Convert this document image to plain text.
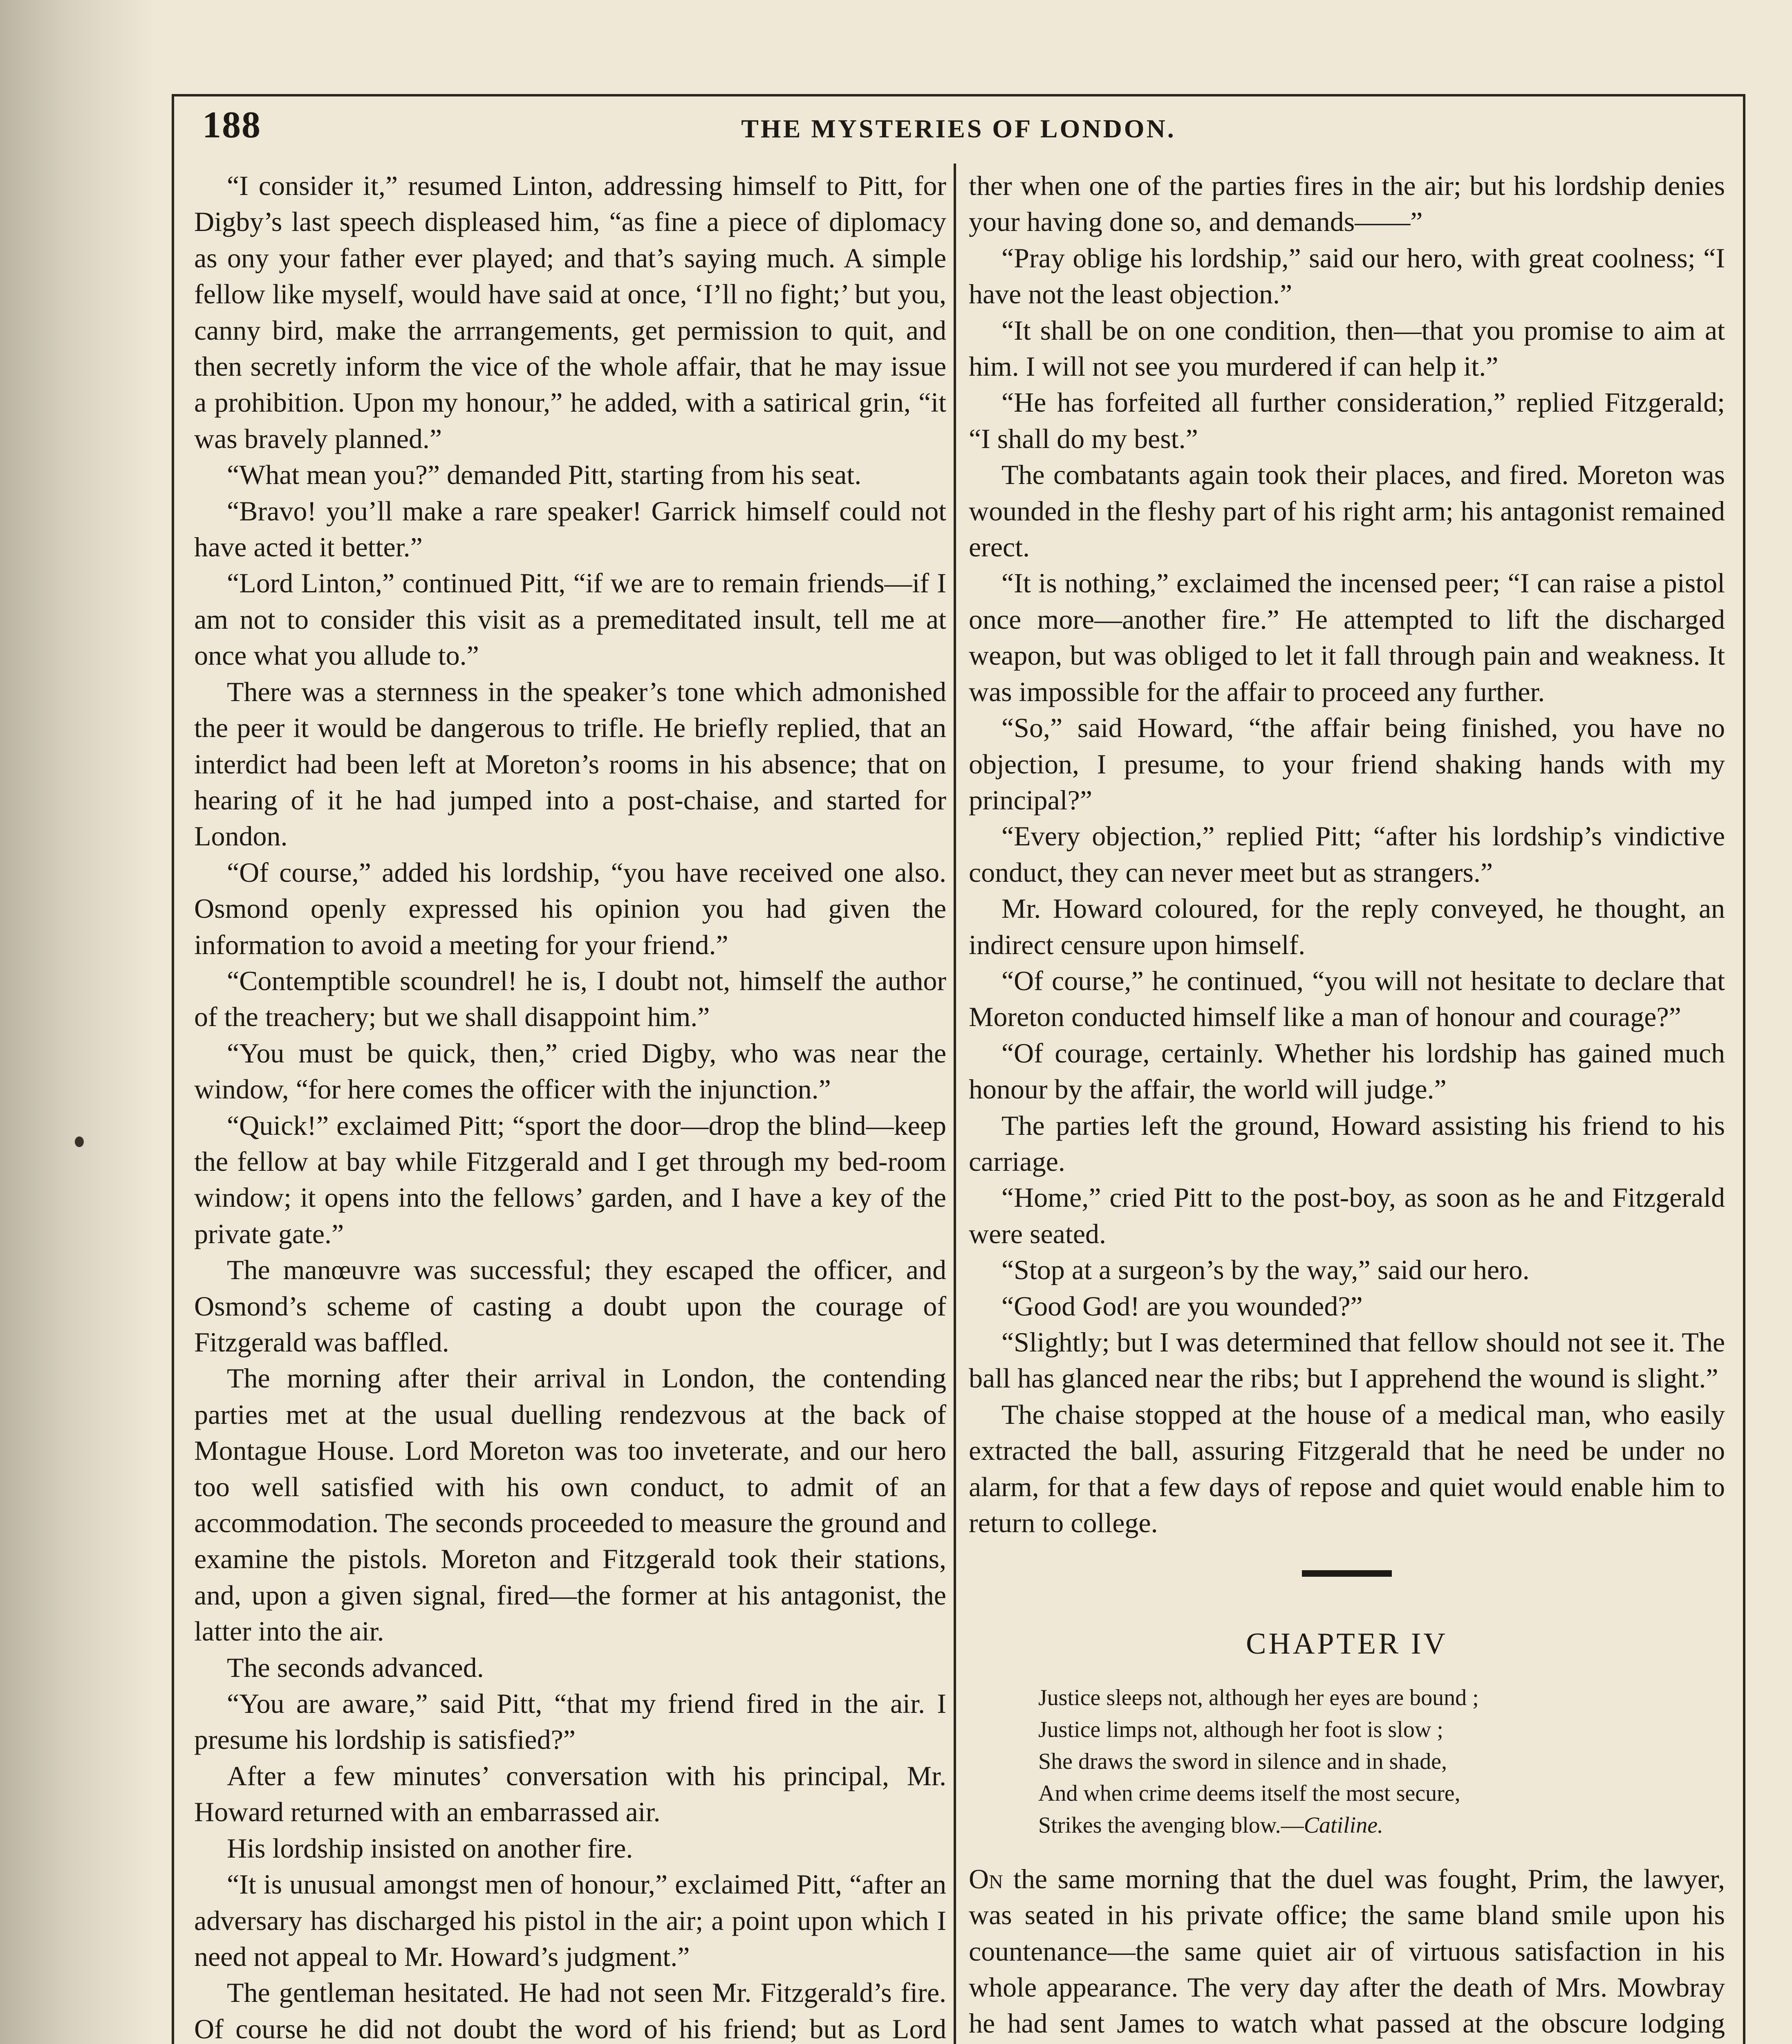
188	THE MYSTERIES OF LONDON.

“I consider it,” resumed Linton, addressing himself to Pitt, for Digby’s last speech displeased him, “as fine a piece of diplomacy as ony your father ever played; and that’s saying much. A simple fellow like myself, would have said at once, ‘I’ll no fight;’ but you, canny bird, make the arrrangements, get permission to quit, and then secretly inform the vice of the whole affair, that he may issue a prohibition. Upon my honour,” he added, with a satirical grin, “it was bravely planned.”

“What mean you?” demanded Pitt, starting from his seat.

“Bravo! you’ll make a rare speaker! Garrick himself could not have acted it better.”

“Lord Linton,” continued Pitt, “if we are to remain friends—if I am not to consider this visit as a premeditated insult, tell me at once what you allude to.”

There was a sternness in the speaker’s tone which admonished the peer it would be dangerous to trifle. He briefly replied, that an interdict had been left at Moreton’s rooms in his absence; that on hearing of it he had jumped into a post-chaise, and started for London.

“Of course,” added his lordship, “you have received one also. Osmond openly expressed his opinion you had given the information to avoid a meeting for your friend.”

“Contemptible scoundrel! he is, I doubt not, himself the author of the treachery; but we shall disappoint him.”

“You must be quick, then,” cried Digby, who was near the window, “for here comes the officer with the injunction.”

“Quick!” exclaimed Pitt; “sport the door—drop the blind—keep the fellow at bay while Fitzgerald and I get through my bed-room window; it opens into the fellows’ garden, and I have a key of the private gate.”

The manœuvre was successful; they escaped the officer, and Osmond’s scheme of casting a doubt upon the courage of Fitzgerald was baffled.

The morning after their arrival in London, the contending parties met at the usual duelling rendezvous at the back of Montague House. Lord Moreton was too inveterate, and our hero too well satisfied with his own conduct, to admit of an accommodation. The seconds proceeded to measure the ground and examine the pistols. Moreton and Fitzgerald took their stations, and, upon a given signal, fired—the former at his antagonist, the latter into the air.

The seconds advanced.

“You are aware,” said Pitt, “that my friend fired in the air. I presume his lordship is satisfied?”

After a few minutes’ conversation with his principal, Mr. Howard returned with an embarrassed air.

His lordship insisted on another fire.

“It is unusual amongst men of honour,” exclaimed Pitt, “after an adversary has discharged his pistol in the air; a point upon which I need not appeal to Mr. Howard’s judgment.”

The gentleman hesitated. He had not seen Mr. Fitzgerald’s fire. Of course he did not doubt the word of his friend; but as Lord

ther when one of the parties fires in the air; but his lordship denies your having done so, and demands——”

“Pray oblige his lordship,” said our hero, with great coolness; “I have not the least objection.”

“It shall be on one condition, then—that you promise to aim at him. I will not see you murdered if can help it.”

“He has forfeited all further consideration,” replied Fitzgerald; “I shall do my best.”

The combatants again took their places, and fired. Moreton was wounded in the fleshy part of his right arm; his antagonist remained erect.

“It is nothing,” exclaimed the incensed peer; “I can raise a pistol once more—another fire.” He attempted to lift the discharged weapon, but was obliged to let it fall through pain and weakness. It was impossible for the affair to proceed any further.

“So,” said Howard, “the affair being finished, you have no objection, I presume, to your friend shaking hands with my principal?”

“Every objection,” replied Pitt; “after his lordship’s vindictive conduct, they can never meet but as strangers.”

Mr. Howard coloured, for the reply conveyed, he thought, an indirect censure upon himself.

“Of course,” he continued, “you will not hesitate to declare that Moreton conducted himself like a man of honour and courage?”

“Of courage, certainly. Whether his lordship has gained much honour by the affair, the world will judge.”

The parties left the ground, Howard assisting his friend to his carriage.

“Home,” cried Pitt to the post-boy, as soon as he and Fitzgerald were seated.

“Stop at a surgeon’s by the way,” said our hero.

“Good God! are you wounded?”

“Slightly; but I was determined that fellow should not see it. The ball has glanced near the ribs; but I apprehend the wound is slight.”

The chaise stopped at the house of a medical man, who easily extracted the ball, assuring Fitzgerald that he need be under no alarm, for that a few days of repose and quiet would enable him to return to college.

CHAPTER IV
Justice sleeps not, although her eyes are bound ;
Justice limps not, although her foot is slow ;
She draws the sword in silence and in shade,
And when crime deems itself the most secure,
Strikes the avenging blow.—Catiline.

On the same morning that the duel was fought, Prim, the lawyer, was seated in his private office; the same bland smile upon his countenance—the same quiet air of virtuous satisfaction in his whole appearance. The very day after the death of Mrs. Mowbray he had sent James to watch what passed at the obscure lodging
